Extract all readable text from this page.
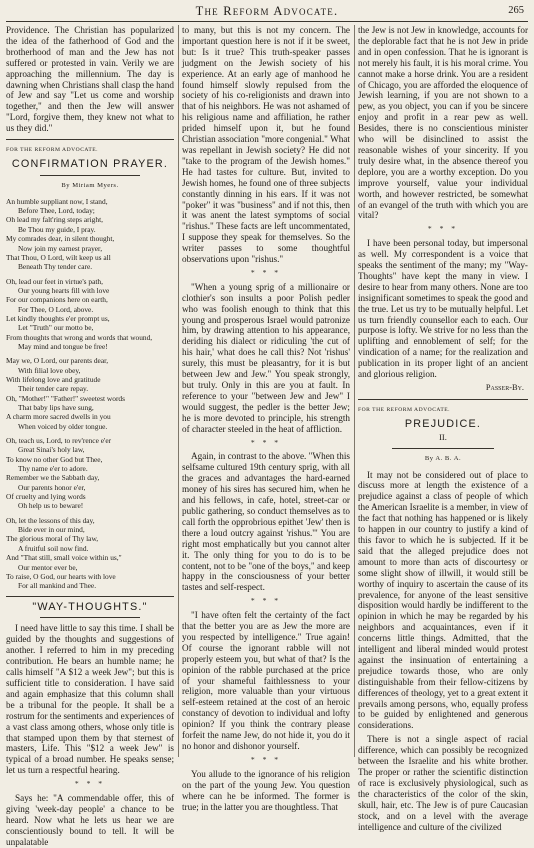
The Reform Advocate.	265

Providence. The Christian has popularized the idea of the fatherhood of God and the brotherhood of man and the Jew has not suffered or protested in vain. Verily we are approaching the millennium. The day is dawning when Christians shall clasp the hand of Jew and say "Let us come and worship together," and then the Jew will answer "Lord, forgive them, they knew not what to us they did."

FOR THE REFORM ADVOCATE.
CONFIRMATION PRAYER.
By Miriam Myers.
An humble suppliant now, I stand,
Before Thee, Lord, today;
Oh lead my falt'ring steps aright,
Be Thou my guide, I pray.
My comrades dear, in silent thought,
Now join my earnest prayer,
That Thou, O Lord, wilt keep us all
Beneath Thy tender care.
Oh, lead our feet in virtue's path,
Our young hearts fill with love
For our companions here on earth,
For Thee, O Lord, above.
Let kindly thoughts e'er prompt us,
Let "Truth" our motto be,
From thoughts that wrong and words that wound,
May mind and tongue be free!
May we, O Lord, our parents dear,
With filial love obey,
With lifelong love and gratitude
Their tender care repay.
Oh, "Mother!" "Father!" sweetest words
That baby lips have sung,
A charm more sacred dwells in you
When voiced by older tongue.
Oh, teach us, Lord, to rev'rence e'er
Great Sinai's holy law,
To know no other God but Thee,
Thy name e'er to adore.
Remember we the Sabbath day,
Our parents honor e'er,
Of cruelty and lying words
Oh help us to beware!
Oh, let the lessons of this day,
Bide ever in our mind,
The glorious moral of Thy law,
A fruitful soil now find.
And "That still, small voice within us,"
Our mentor ever be,
To raise, O God, our hearts with love
For all mankind and Thee.
"WAY-THOUGHTS."

I need have little to say this time. I shall be guided by the thoughts and suggestions of another. I referred to him in my preceding contribution. He bears an humble name; he calls himself "A $12 a week Jew"; but this is sufficient title to consideration. I have said and again emphasize that this column shall be a tribunal for the people. It shall be a rostrum for the sentiments and experiences of a vast class among others, whose only title is that stamped upon them by that sternest of masters, Life. This "$12 a week Jew" is typical of a broad number. He speaks sense; let us turn a respectful hearing.

* * *

Says he: "A commendable offer, this of giving 'week-day people' a chance to be heard. Now what he lets us hear we are conscientiously bound to tell. It will be unpalatable

to many, but this is not my concern. The important question here is not if it be sweet, but: Is it true? This truth-speaker passes judgment on the Jewish society of his experience. At an early age of manhood he found himself slowly repulsed from the society of his co-religionists and drawn into that of his neighbors. He was not ashamed of his religious name and affiliation, he rather prided himself upon it, but he found Christian association "more congenial." What was repellant in Jewish society? He did not "take to the program of the Jewish homes." He had tastes for culture. But, invited to Jewish homes, he found one of three subjects constantly dinning in his ears. If it was not "poker" it was "business" and if not this, then it was anent the latest symptoms of social "rishus." These facts are left uncommentated, I suppose they speak for themselves. So the writer passes to some thoughtful observations upon "rishus."

* * *

"When a young sprig of a millionaire or clothier's son insults a poor Polish pedler who was foolish enough to think that this young and prosperous Israel would patronize him, by drawing attention to his appearance, deriding his dialect or ridiculing 'the cut of his hair,' what does he call this? Not 'rishus' surely, this must be pleasantry, for it is but between Jew and Jew." You speak strongly, but truly. Only in this are you at fault. In reference to your "between Jew and Jew" I would suggest, the pedler is the better Jew; he is more devoted to principle, his strength of character steeled in the heat of affliction.

* * *

Again, in contrast to the above. "When this selfsame cultured 19th century sprig, with all the graces and advantages the hard-earned money of his sires has secured him, when he and his fellows, in cafe, hotel, street-car or public gathering, so conduct themselves as to call forth the opprobrious epithet 'Jew' then is there a loud outcry against 'rishus.'" You are right most emphatically but you cannot alter it. The only thing for you to do is to be content, not to be "one of the boys," and keep happy in the consciousness of your better tastes and self-respect.

* * *

"I have often felt the certainty of the fact that the better you are as Jew the more are you respected by intelligence." True again! Of course the ignorant rabble will not properly esteem you, but what of that? Is the opinion of the rabble purchased at the price of your shameful faithlessness to your religion, more valuable than your virtuous self-esteem retained at the cost of an heroic constancy of devotion to individual and lofty opinion? If you think the contrary please forfeit the name Jew, do not hide it, you do it no honor and dishonor yourself.

* * *

You allude to the ignorance of his religion on the part of the young Jew. You question where can he be informed. The former is true; in the latter you are thoughtless. That

the Jew is not Jew in knowledge, accounts for the deplorable fact that he is not Jew in pride and in open confession. That he is ignorant is not merely his fault, it is his moral crime. You cannot make a horse drink. You are a resident of Chicago, you are afforded the eloquence of Jewish learning, if you are not shown to a pew, as you object, you can if you be sincere enjoy and profit in a rear pew as well. Besides, there is no conscientious minister who will be disinclined to assist the reasonable wishes of your sincerity. If you truly desire what, in the absence thereof you deplore, you are a worthy exception. Do you improve yourself, value your individual worth, and however restricted, be somewhat of an evangel of the truth with which you are vital?

* * *

I have been personal today, but impersonal as well. My correspondent is a voice that speaks the sentiment of the many; my "Way-Thoughts" have kept the many in view. I desire to hear from many others. None are too insignificant sometimes to speak the good and the true. Let us try to be mutually helpful. Let us turn friendly counsellor each to each. Our purpose is lofty. We strive for no less than the uplifting and ennoblement of self; for the vindication of a name; for the realization and publication in its proper light of an ancient and glorious religion.

Passer-By.
FOR THE REFORM ADVOCATE.
PREJUDICE.
II.
By A. B. A.

It may not be considered out of place to discuss more at length the existence of a prejudice against a class of people of which the American Israelite is a member, in view of the fact that nothing has happened or is likely to happen in our country to justify a kind of this favor to which he is subjected. If it be said that the alleged prejudice does not amount to more than acts of discourtesy or some slight show of illwill, it would still be worthy of inquiry to ascertain the cause of its prevalence, for anyone of the least sensitive disposition would hardly be indifferent to the opinion in which he may be regarded by his neighbors and acquaintances, even if it concerns little things. Admitted, that the intelligent and liberal minded would protest against the insinuation of entertaining a prejudice towards those, who are only distinguishable from their fellow-citizens by differences of theology, yet to a great extent it prevails among persons, who, equally profess to be guided by enlightened and generous considerations.

There is not a single aspect of racial difference, which can possibly be recognized between the Israelite and his white brother. The proper or rather the scientific distinction of race is exclusively physiological, such as the characteristics of the color of the skin, skull, hair, etc. The Jew is of pure Caucasian stock, and on a level with the average intelligence and culture of the civilized
